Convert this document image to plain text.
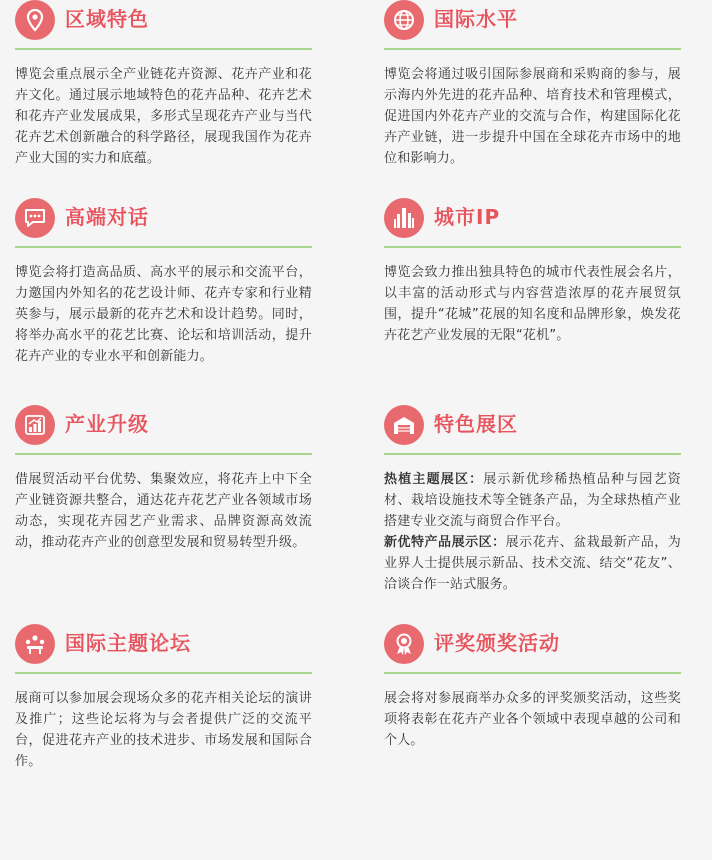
区域特色
博览会重点展示全产业链花卉资源、花卉产业和花卉文化。通过展示地域特色的花卉品种、花卉艺术和花卉产业发展成果，多形式呈现花卉产业与当代花卉艺术创新融合的科学路径，展现我国作为花卉产业大国的实力和底蕴。
国际水平
博览会将通过吸引国际参展商和采购商的参与，展示海内外先进的花卉品种、培育技术和管理模式，促进国内外花卉产业的交流与合作，构建国际化花卉产业链，进一步提升中国在全球花卉市场中的地位和影响力。
高端对话
博览会将打造高品质、高水平的展示和交流平台，力邀国内外知名的花艺设计师、花卉专家和行业精英参与，展示最新的花卉艺术和设计趋势。同时，将举办高水平的花艺比赛、论坛和培训活动，提升花卉产业的专业水平和创新能力。
城市IP
博览会致力推出独具特色的城市代表性展会名片，以丰富的活动形式与内容营造浓厚的花卉展贸氛围，提升“花城”花展的知名度和品牌形象，焕发花卉花艺产业发展的无限“花机”。
产业升级
借展贸活动平台优势、集聚效应，将花卉上中下全产业链资源共整合，通达花卉花艺产业各领域市场动态，实现花卉园艺产业需求、品牌资源高效流动，推动花卉产业的创意型发展和贸易转型升级。
特色展区

热植主题展区：展示新优珍稀热植品种与园艺资材、栽培设施技术等全链条产品，为全球热植产业搭建专业交流与商贸合作平台。

新优特产品展示区：展示花卉、盆栽最新产品，为业界人士提供展示新品、技术交流、结交“花友”、洽谈合作一站式服务。

国际主题论坛
展商可以参加展会现场众多的花卉相关论坛的演讲及推广；这些论坛将为与会者提供广泛的交流平台，促进花卉产业的技术进步、市场发展和国际合作。
评奖颁奖活动
展会将对参展商举办众多的评奖颁奖活动，这些奖项将表彰在花卉产业各个领域中表现卓越的公司和个人。
